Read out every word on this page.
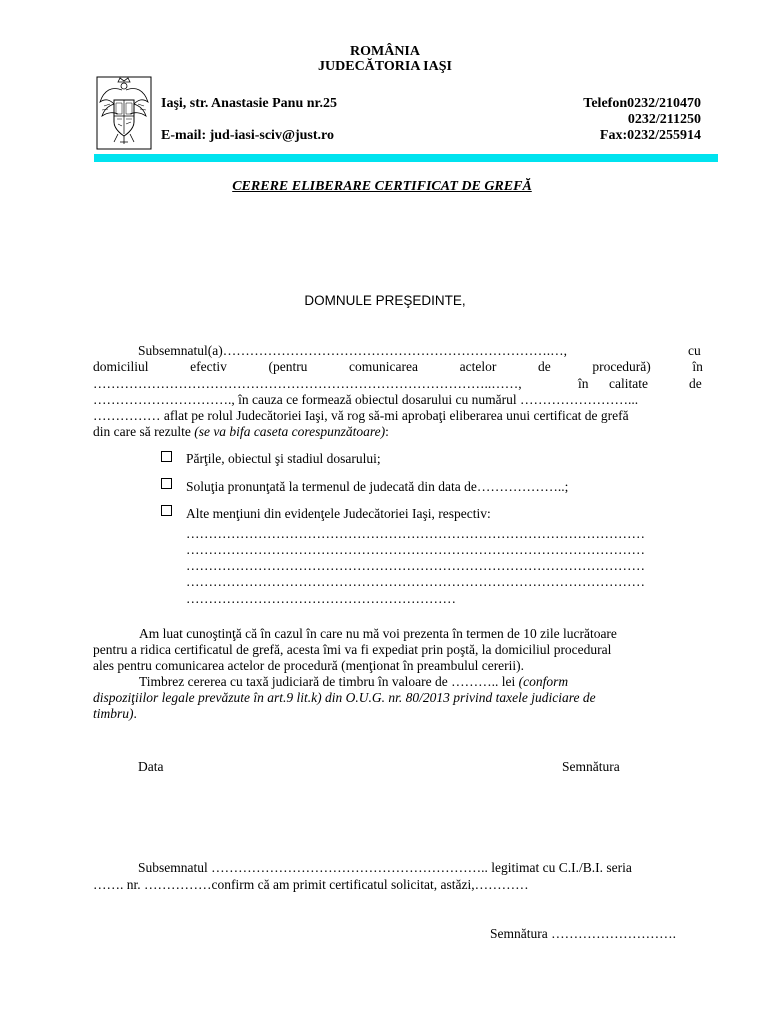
ROMÂNIA
JUDECĂTORIA IAŞI
Iaşi, str. Anastasie Panu nr.25
E-mail: jud-iasi-sciv@just.ro
Telefon0232/210470
0232/211250
Fax:0232/255914
CERERE ELIBERARE CERTIFICAT DE GREFĂ
DOMNULE PREŞEDINTE,
Subsemnatul(a)……………………………………………………………….…,	cu
domiciliul	efectiv	(pentru	comunicarea	actelor	de	procedură)	în
……………………………………………………………………………..……,	în calitate	de
…………………………., în cauza ce formează obiectul dosarului cu numărul ……………………...
…………… aflat pe rolul Judecătoriei Iaşi, vă rog să-mi aprobaţi eliberarea unui certificat de grefă
din care să rezulte (se va bifa caseta corespunzătoare):
Părţile, obiectul şi stadiul dosarului;
Soluţia pronunţată la termenul de judecată din data de………………..;
Alte menţiuni din evidenţele Judecătoriei Iaşi, respectiv:
…………………………………………………………………………………………
…………………………………………………………………………………………
…………………………………………………………………………………………
…………………………………………………………………………………………
……………………………………………………
Am luat cunoştinţă că în cazul în care nu mă voi prezenta în termen de 10 zile lucrătoare
pentru a ridica certificatul de grefă, acesta îmi va fi expediat prin poştă, la domiciliul procedural
ales pentru comunicarea actelor de procedură (menţionat în preambulul cererii).
Timbrez cererea cu taxă judiciară de timbru în valoare de ……….. lei (conform
dispoziţiilor legale prevăzute în art.9 lit.k) din O.U.G. nr. 80/2013 privind taxele judiciare de
timbru).
Data	Semnătura
Subsemnatul …………………………………………………….. legitimat cu C.I./B.I. seria
……. nr. ……………confirm că am primit certificatul solicitat, astăzi,…………
Semnătura ……………………….
